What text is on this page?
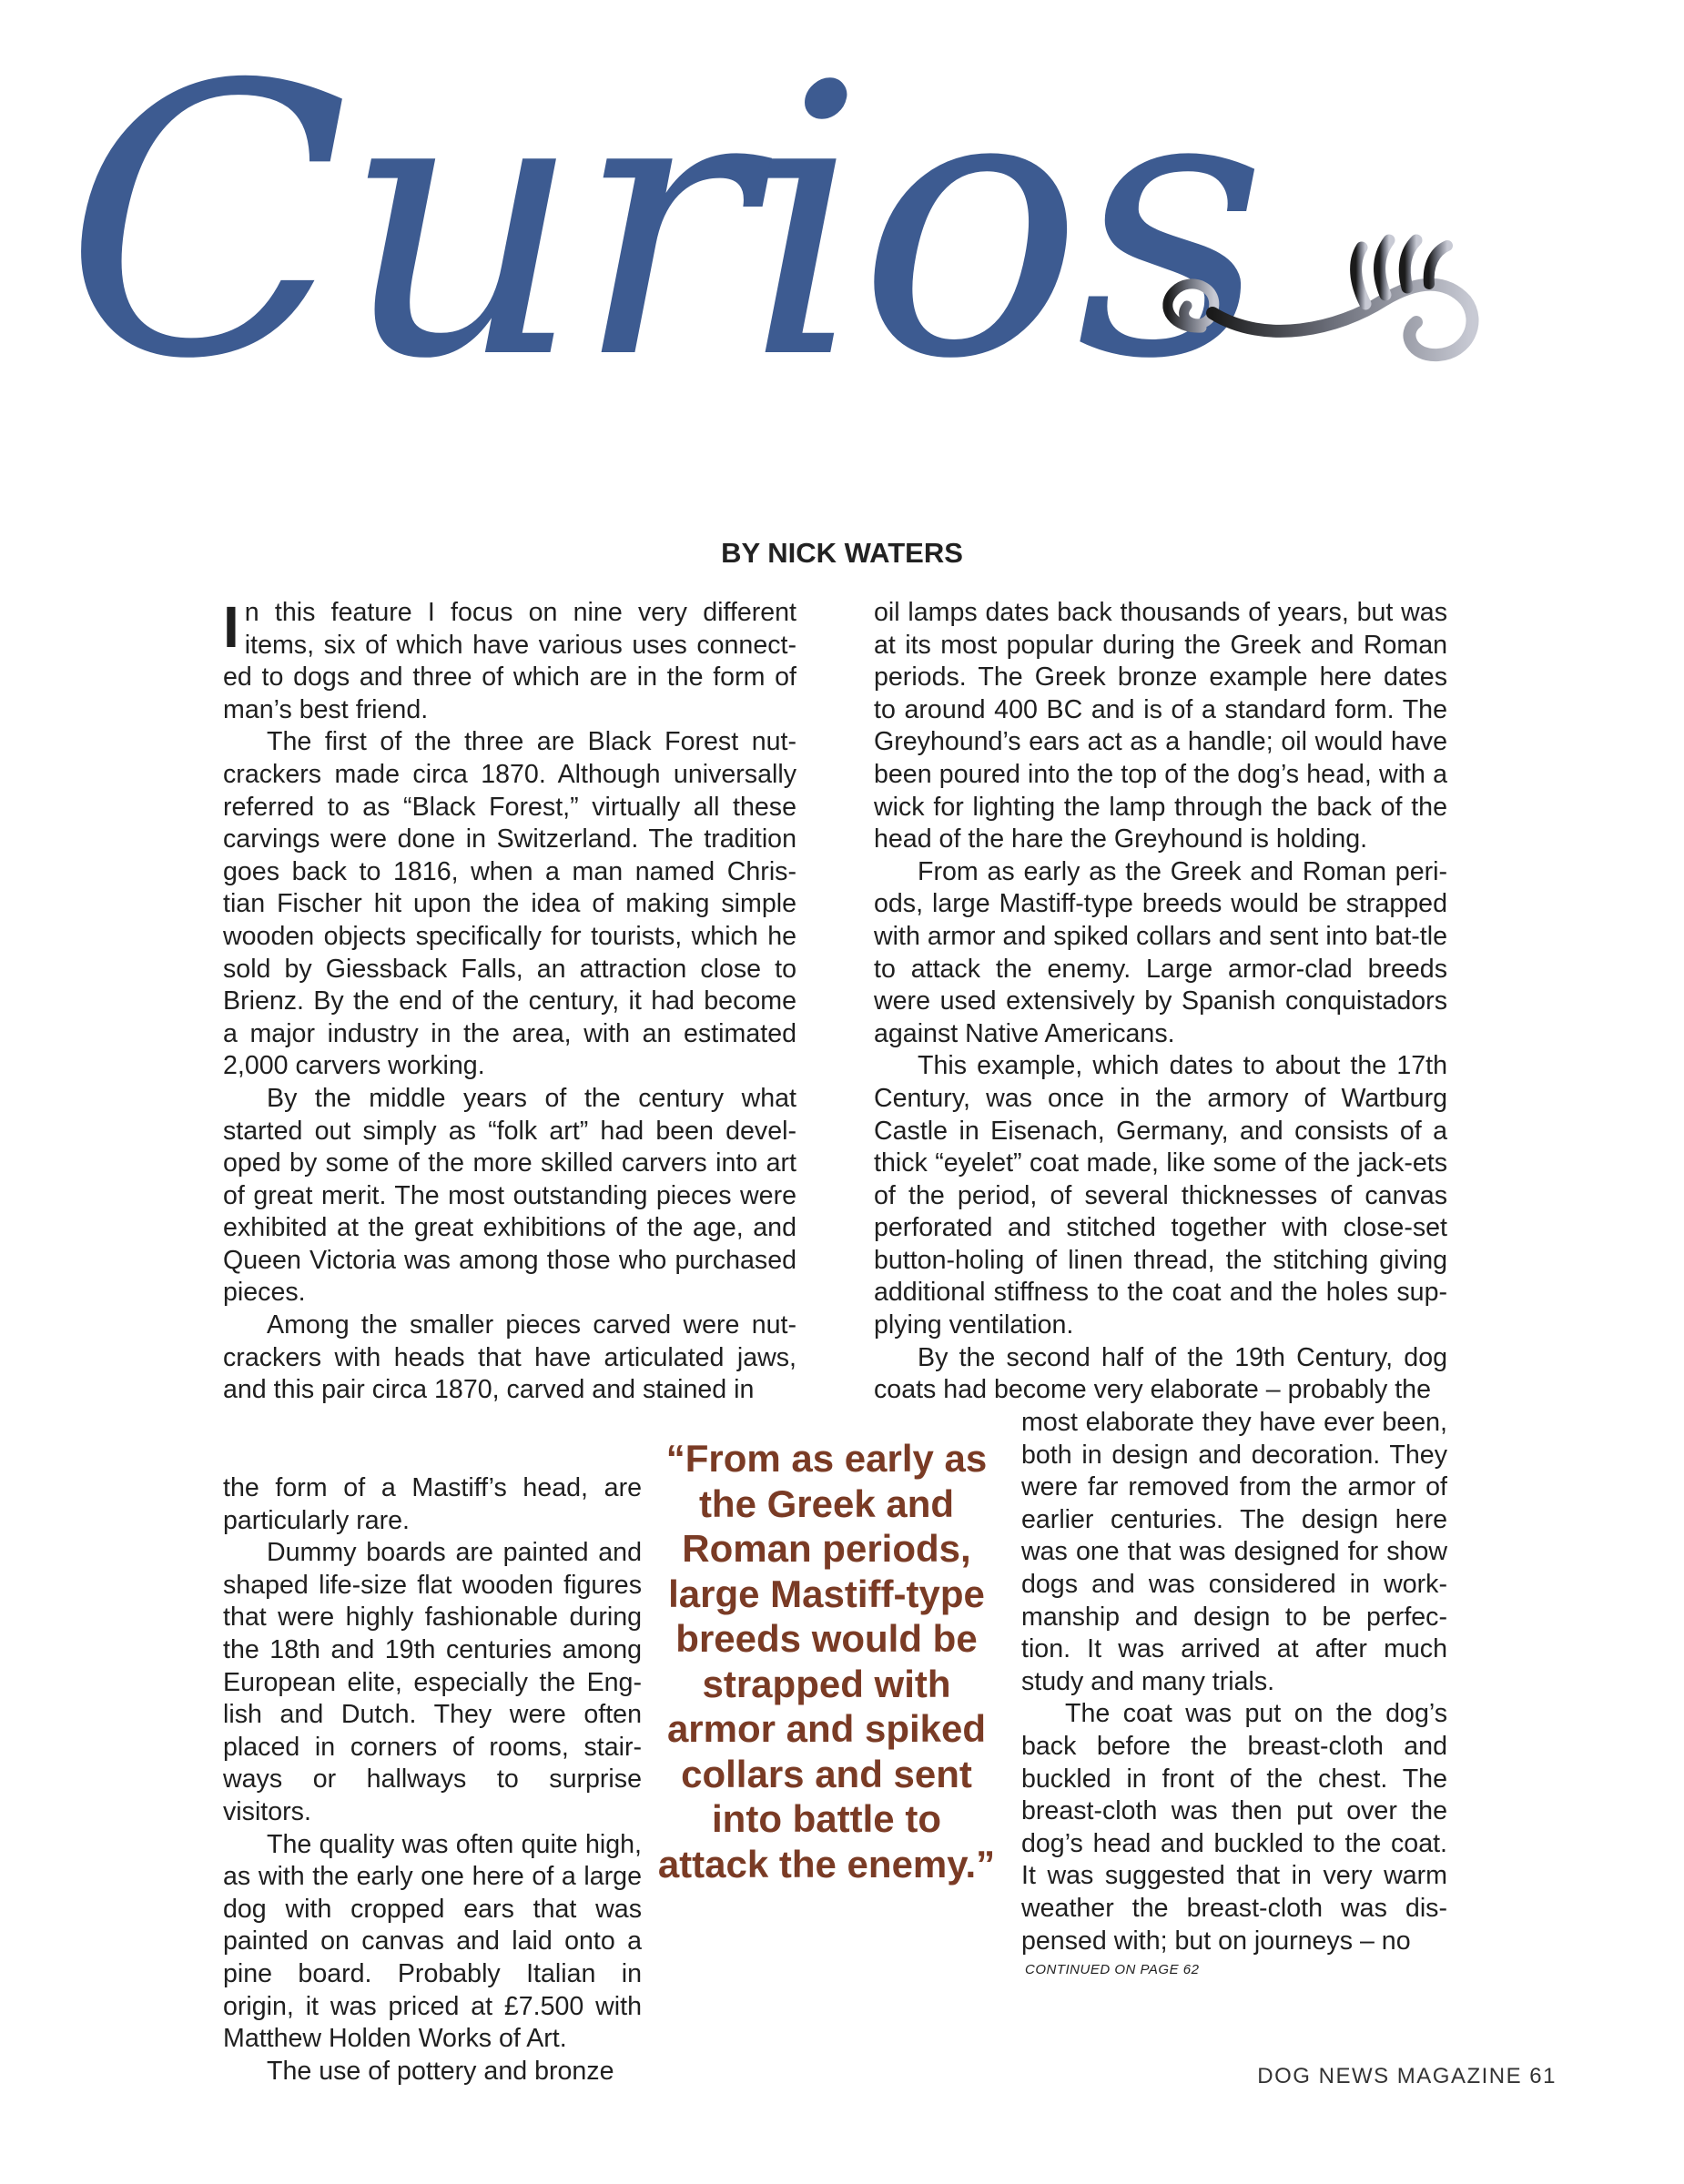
Curios
BY NICK WATERS

In this feature I focus on nine very different items, six of which have various uses connect-ed to dogs and three of which are in the form of man’s best friend.

The first of the three are Black Forest nut-crackers made circa 1870. Although universally referred to as “Black Forest,” virtually all these carvings were done in Switzerland. The tradition goes back to 1816, when a man named Chris-tian Fischer hit upon the idea of making simple wooden objects specifically for tourists, which he sold by Giessback Falls, an attraction close to Brienz. By the end of the century, it had become a major industry in the area, with an estimated 2,000 carvers working.

By the middle years of the century what started out simply as “folk art” had been devel-oped by some of the more skilled carvers into art of great merit. The most outstanding pieces were exhibited at the great exhibitions of the age, and Queen Victoria was among those who purchased pieces.

Among the smaller pieces carved were nut-crackers with heads that have articulated jaws, and this pair circa 1870, carved and stained in

the form of a Mastiff’s head, are particularly rare.

Dummy boards are painted and shaped life-size flat wooden figures that were highly fashionable during the 18th and 19th centuries among European elite, especially the Eng-lish and Dutch. They were often placed in corners of rooms, stair-ways or hallways to surprise visitors.

The quality was often quite high, as with the early one here of a large dog with cropped ears that was painted on canvas and laid onto a pine board. Probably Italian in origin, it was priced at £7.500 with Matthew Holden Works of Art.

The use of pottery and bronze

oil lamps dates back thousands of years, but was at its most popular during the Greek and Roman periods. The Greek bronze example here dates to around 400 BC and is of a standard form. The Greyhound’s ears act as a handle; oil would have been poured into the top of the dog’s head, with a wick for lighting the lamp through the back of the head of the hare the Greyhound is holding.

From as early as the Greek and Roman peri-ods, large Mastiff-type breeds would be strapped with armor and spiked collars and sent into bat-tle to attack the enemy. Large armor-clad breeds were used extensively by Spanish conquistadors against Native Americans.

This example, which dates to about the 17th Century, was once in the armory of Wartburg Castle in Eisenach, Germany, and consists of a thick “eyelet” coat made, like some of the jack-ets of the period, of several thicknesses of canvas perforated and stitched together with close-set button-holing of linen thread, the stitching giving additional stiffness to the coat and the holes sup-plying ventilation.

By the second half of the 19th Century, dog coats had become very elaborate – probably the

most elaborate they have ever been, both in design and decoration. They were far removed from the armor of earlier centuries. The design here was one that was designed for show dogs and was considered in work-manship and design to be perfec-tion. It was arrived at after much study and many trials.

The coat was put on the dog’s back before the breast-cloth and buckled in front of the chest. The breast-cloth was then put over the dog’s head and buckled to the coat. It was suggested that in very warm weather the breast-cloth was dis-pensed with; but on journeys – no

“From as early as the Greek and Roman periods, large Mastiff-type breeds would be strapped with armor and spiked collars and sent into battle to attack the enemy.”
CONTINUED ON PAGE 62
DOG NEWS MAGAZINE 61
